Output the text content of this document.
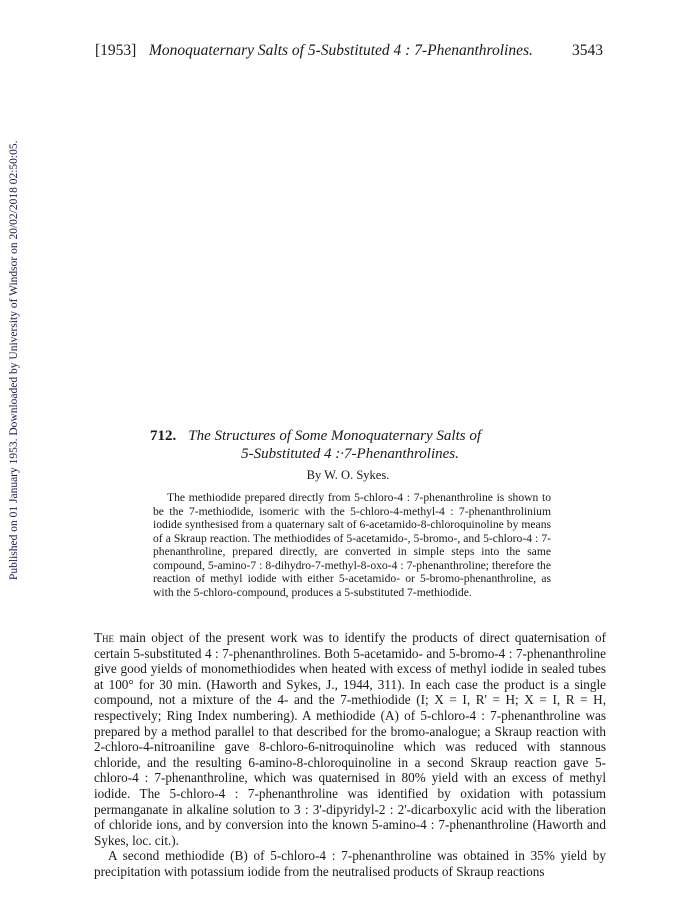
[1953] Monoquaternary Salts of 5-Substituted 4 : 7-Phenanthrolines.	3543
Published on 01 January 1953. Downloaded by University of Windsor on 20/02/2018 02:50:05.	712. The Structures of Some Monoquaternary Salts of
5-Substituted 4 :·7-Phenanthrolines.
By W. O. Sykes.

The methiodide prepared directly from 5-chloro-4 : 7-phenanthroline is shown to be the 7-methiodide, isomeric with the 5-chloro-4-methyl-4 : 7-phenanthrolinium iodide synthesised from a quaternary salt of 6-acetamido-8-chloroquinoline by means of a Skraup reaction. The methiodides of 5-acetamido-, 5-bromo-, and 5-chloro-4 : 7-phenanthroline, prepared directly, are converted in simple steps into the same compound, 5-amino-7 : 8-dihydro-7-methyl-8-oxo-4 : 7-phenanthroline; therefore the reaction of methyl iodide with either 5-acetamido- or 5-bromo-phenanthroline, as with the 5-chloro-compound, produces a 5-substituted 7-methiodide.

The main object of the present work was to identify the products of direct quaternisation of certain 5-substituted 4 : 7-phenanthrolines. Both 5-acetamido- and 5-bromo-4 : 7-phenanthroline give good yields of monomethiodides when heated with excess of methyl iodide in sealed tubes at 100° for 30 min. (Haworth and Sykes, J., 1944, 311). In each case the product is a single compound, not a mixture of the 4- and the 7-methiodide (I; X = I, R' = H; X = I, R = H, respectively; Ring Index numbering). A methiodide (A) of 5-chloro-4 : 7-phenanthroline was prepared by a method parallel to that described for the bromo-analogue; a Skraup reaction with 2-chloro-4-nitroaniline gave 8-chloro-6-nitroquinoline which was reduced with stannous chloride, and the resulting 6-amino-8-chloroquinoline in a second Skraup reaction gave 5-chloro-4 : 7-phenanthroline, which was quaternised in 80% yield with an excess of methyl iodide. The 5-chloro-4 : 7-phenanthroline was identified by oxidation with potassium permanganate in alkaline solution to 3 : 3'-dipyridyl-2 : 2'-dicarboxylic acid with the liberation of chloride ions, and by conversion into the known 5-amino-4 : 7-phenanthroline (Haworth and Sykes, loc. cit.).

A second methiodide (B) of 5-chloro-4 : 7-phenanthroline was obtained in 35% yield by precipitation with potassium iodide from the neutralised products of Skraup reactions
